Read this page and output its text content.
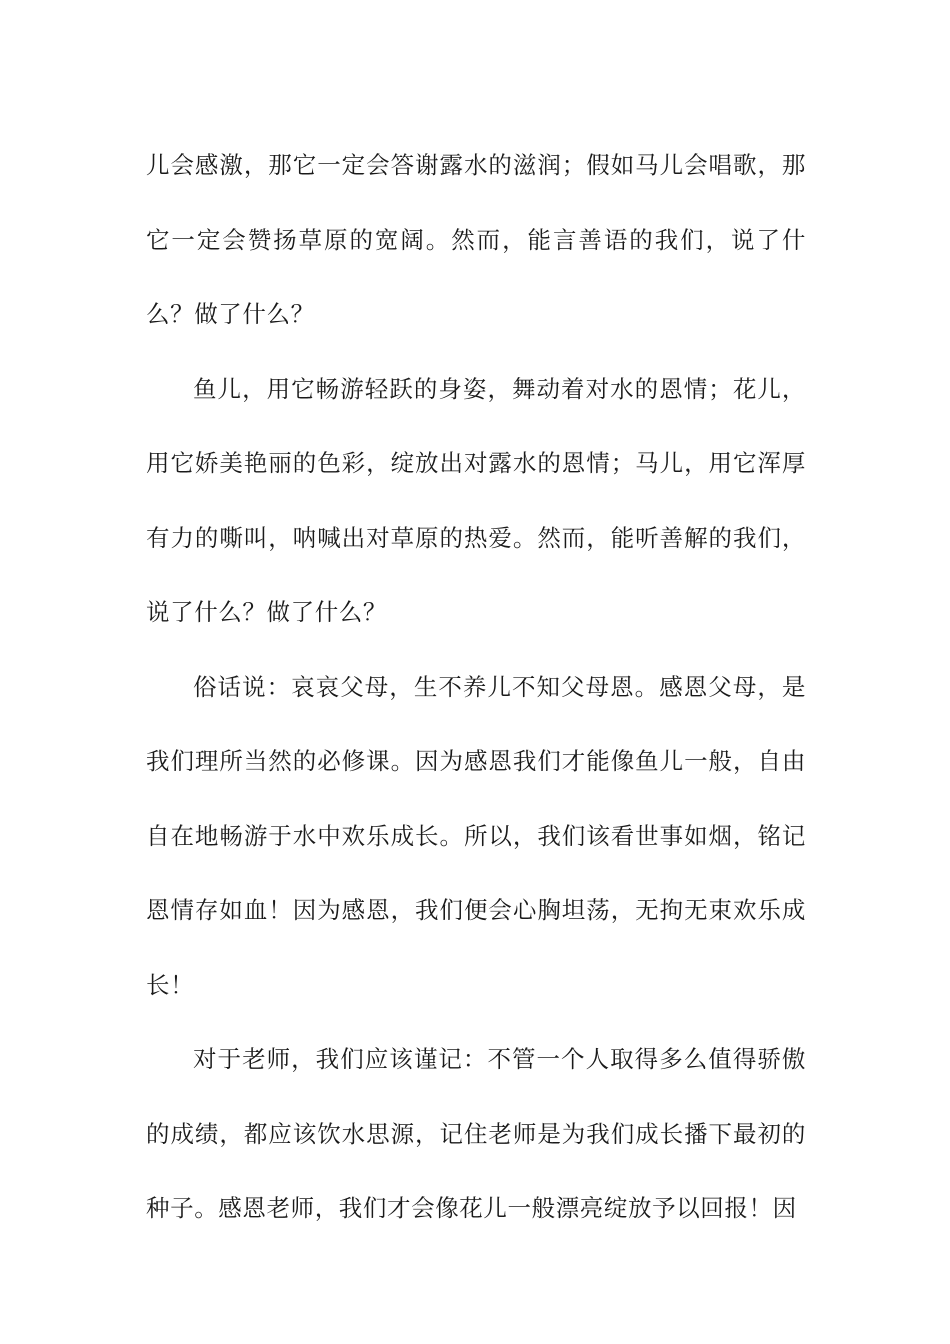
儿会感激，那它一定会答谢露水的滋润；假如马儿会唱歌，那它一定会赞扬草原的宽阔。然而，能言善语的我们，说了什么？做了什么？

鱼儿，用它畅游轻跃的身姿，舞动着对水的恩情；花儿，用它娇美艳丽的色彩，绽放出对露水的恩情；马儿，用它浑厚有力的嘶叫，呐喊出对草原的热爱。然而，能听善解的我们，说了什么？做了什么？

俗话说：哀哀父母，生不养儿不知父母恩。感恩父母，是我们理所当然的必修课。因为感恩我们才能像鱼儿一般，自由自在地畅游于水中欢乐成长。所以，我们该看世事如烟，铭记恩情存如血！因为感恩，我们便会心胸坦荡，无拘无束欢乐成长！

对于老师，我们应该谨记：不管一个人取得多么值得骄傲的成绩，都应该饮水思源，记住老师是为我们成长播下最初的种子。感恩老师，我们才会像花儿一般漂亮绽放予以回报！因
